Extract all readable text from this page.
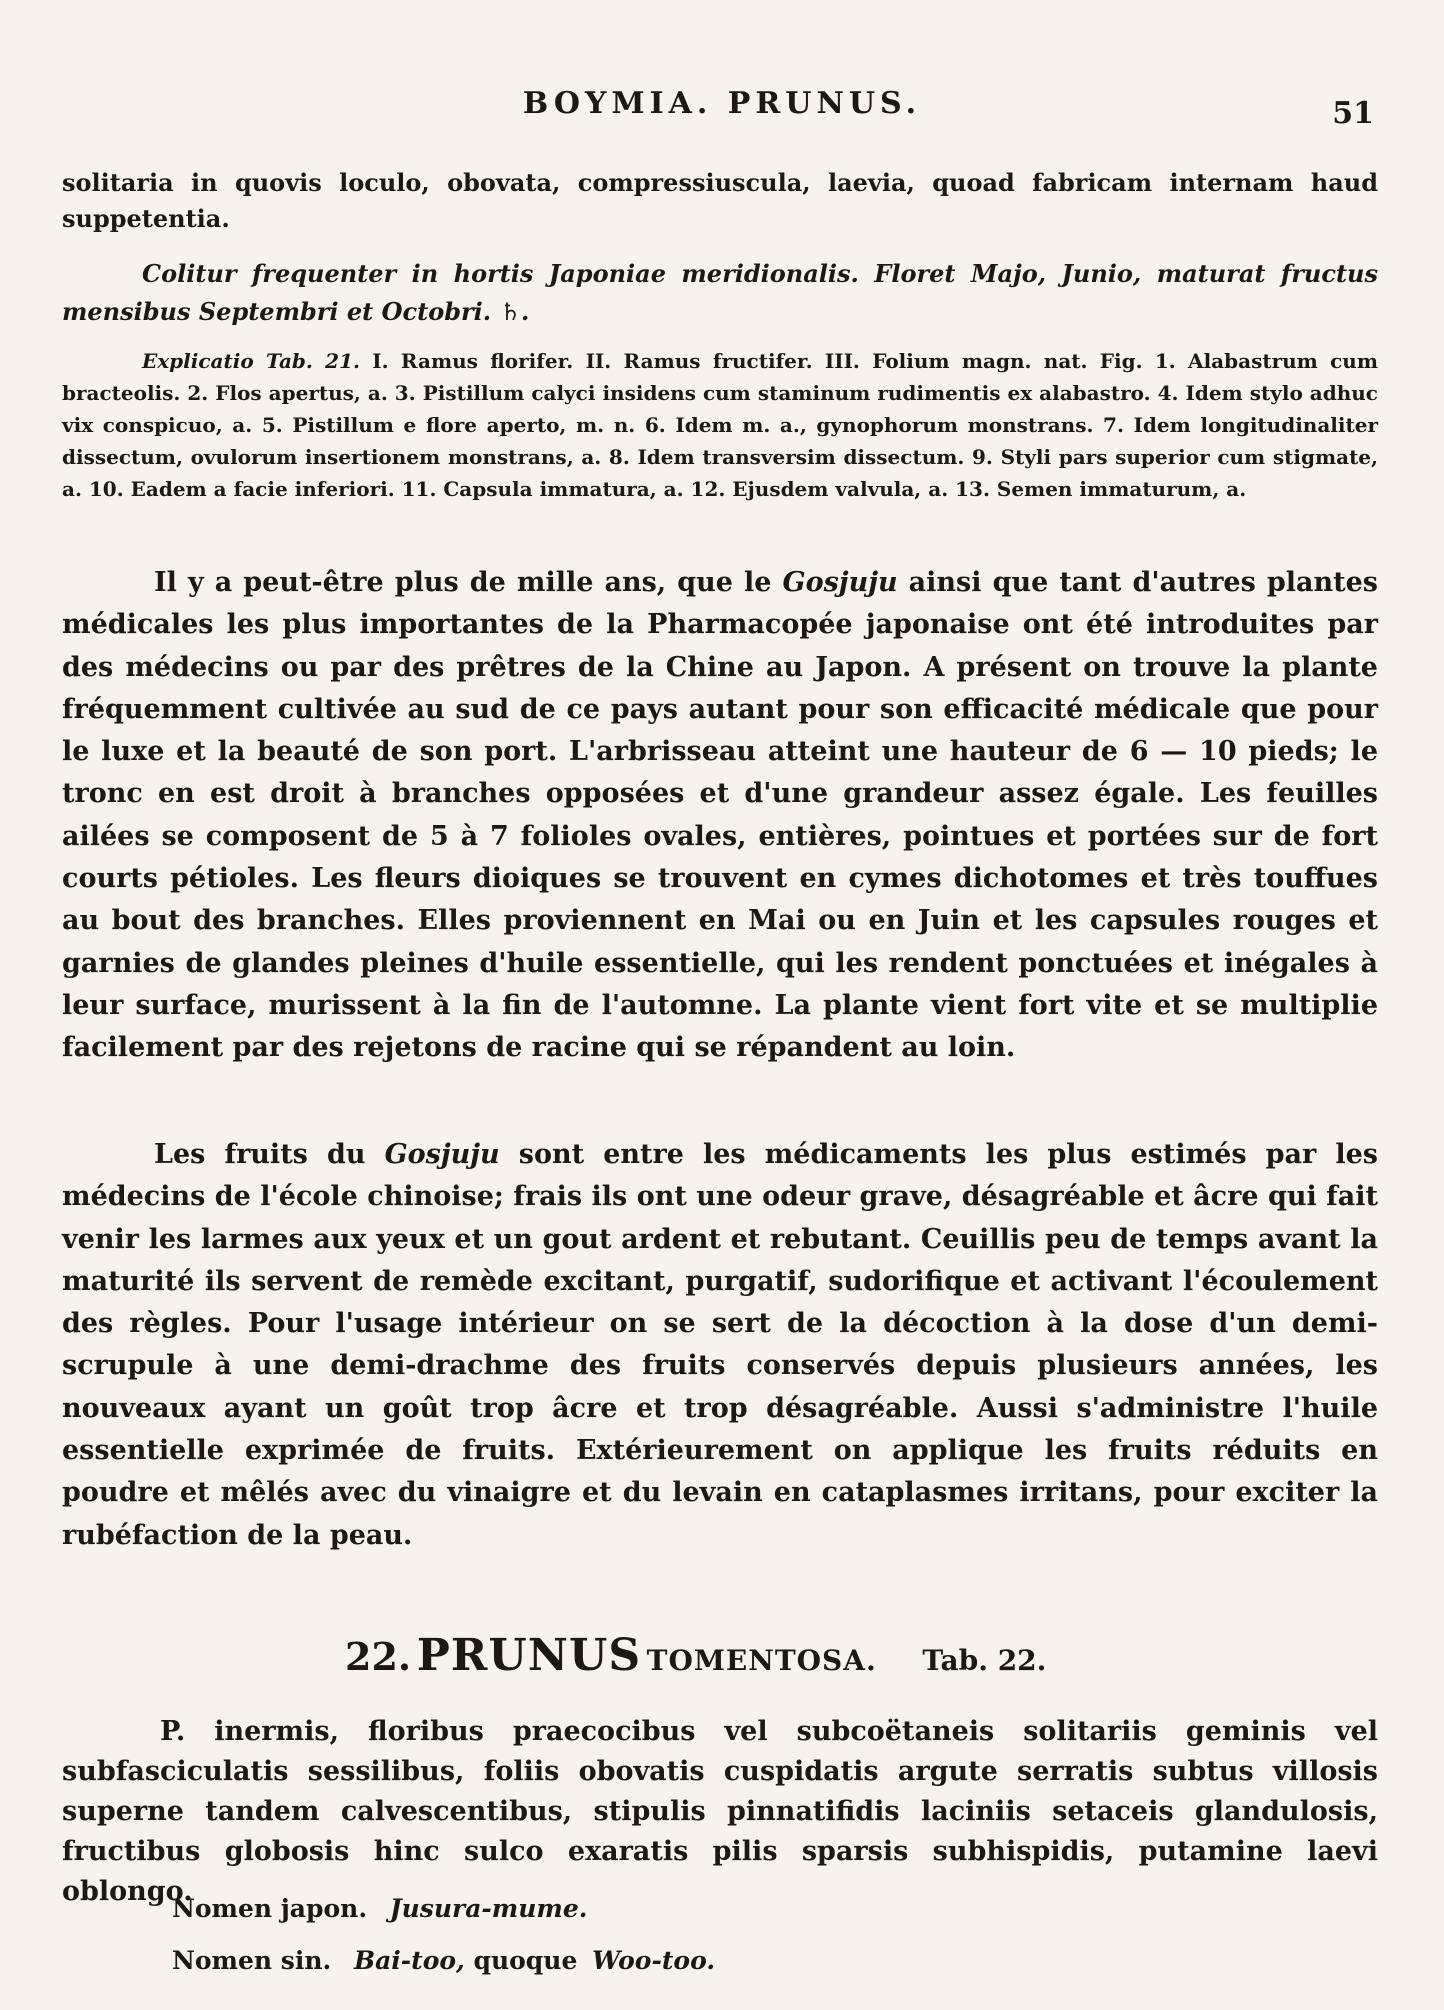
BOYMIA. PRUNUS.	51
solitaria in quovis loculo, obovata, compressiuscula, laevia, quoad fabricam internam haud suppetentia.
Colitur frequenter in hortis Japoniae meridionalis. Floret Majo, Junio, maturat fructus mensibus Septembri et Octobri. ♄.
Explicatio Tab. 21. I. Ramus florifer. II. Ramus fructifer. III. Folium magn. nat. Fig. 1. Alabastrum cum bracteolis. 2. Flos apertus, a. 3. Pistillum calyci insidens cum staminum rudimentis ex alabastro. 4. Idem stylo adhuc vix conspicuo, a. 5. Pistillum e flore aperto, m. n. 6. Idem m. a., gynophorum monstrans. 7. Idem longitudinaliter dissectum, ovulorum insertionem monstrans, a. 8. Idem transversim dissectum. 9. Styli pars superior cum stigmate, a. 10. Eadem a facie inferiori. 11. Capsula immatura, a. 12. Ejusdem valvula, a. 13. Semen immaturum, a.
Il y a peut-être plus de mille ans, que le Gosjuju ainsi que tant d'autres plantes médicales les plus importantes de la Pharmacopée japonaise ont été introduites par des médecins ou par des prêtres de la Chine au Japon. A présent on trouve la plante fréquemment cultivée au sud de ce pays autant pour son efficacité médicale que pour le luxe et la beauté de son port. L'arbrisseau atteint une hauteur de 6 — 10 pieds; le tronc en est droit à branches opposées et d'une grandeur assez égale. Les feuilles ailées se composent de 5 à 7 folioles ovales, entières, pointues et portées sur de fort courts pétioles. Les fleurs dioiques se trouvent en cymes dichotomes et très touffues au bout des branches. Elles proviennent en Mai ou en Juin et les capsules rouges et garnies de glandes pleines d'huile essentielle, qui les rendent ponctuées et inégales à leur surface, murissent à la fin de l'automne. La plante vient fort vite et se multiplie facilement par des rejetons de racine qui se répandent au loin.
Les fruits du Gosjuju sont entre les médicaments les plus estimés par les médecins de l'école chinoise; frais ils ont une odeur grave, désagréable et âcre qui fait venir les larmes aux yeux et un gout ardent et rebutant. Ceuillis peu de temps avant la maturité ils servent de remède excitant, purgatif, sudorifique et activant l'écoulement des règles. Pour l'usage intérieur on se sert de la décoction à la dose d'un demi-scrupule à une demi-drachme des fruits conservés depuis plusieurs années, les nouveaux ayant un goût trop âcre et trop désagréable. Aussi s'administre l'huile essentielle exprimée de fruits. Extérieurement on applique les fruits réduits en poudre et mêlés avec du vinaigre et du levain en cataplasmes irritans, pour exciter la rubéfaction de la peau.
22. PRUNUS TOMENTOSA. Tab. 22.
P. inermis, floribus praecocibus vel subcoëtaneis solitariis geminis vel subfasciculatis sessilibus, foliis obovatis cuspidatis argute serratis subtus villosis superne tandem calvescentibus, stipulis pinnatifidis laciniis setaceis glandulosis, fructibus globosis hinc sulco exaratis pilis sparsis subhispidis, putamine laevi oblongo.
Nomen japon. Jusura-mume.
Nomen sin. Bai-too, quoque Woo-too.
